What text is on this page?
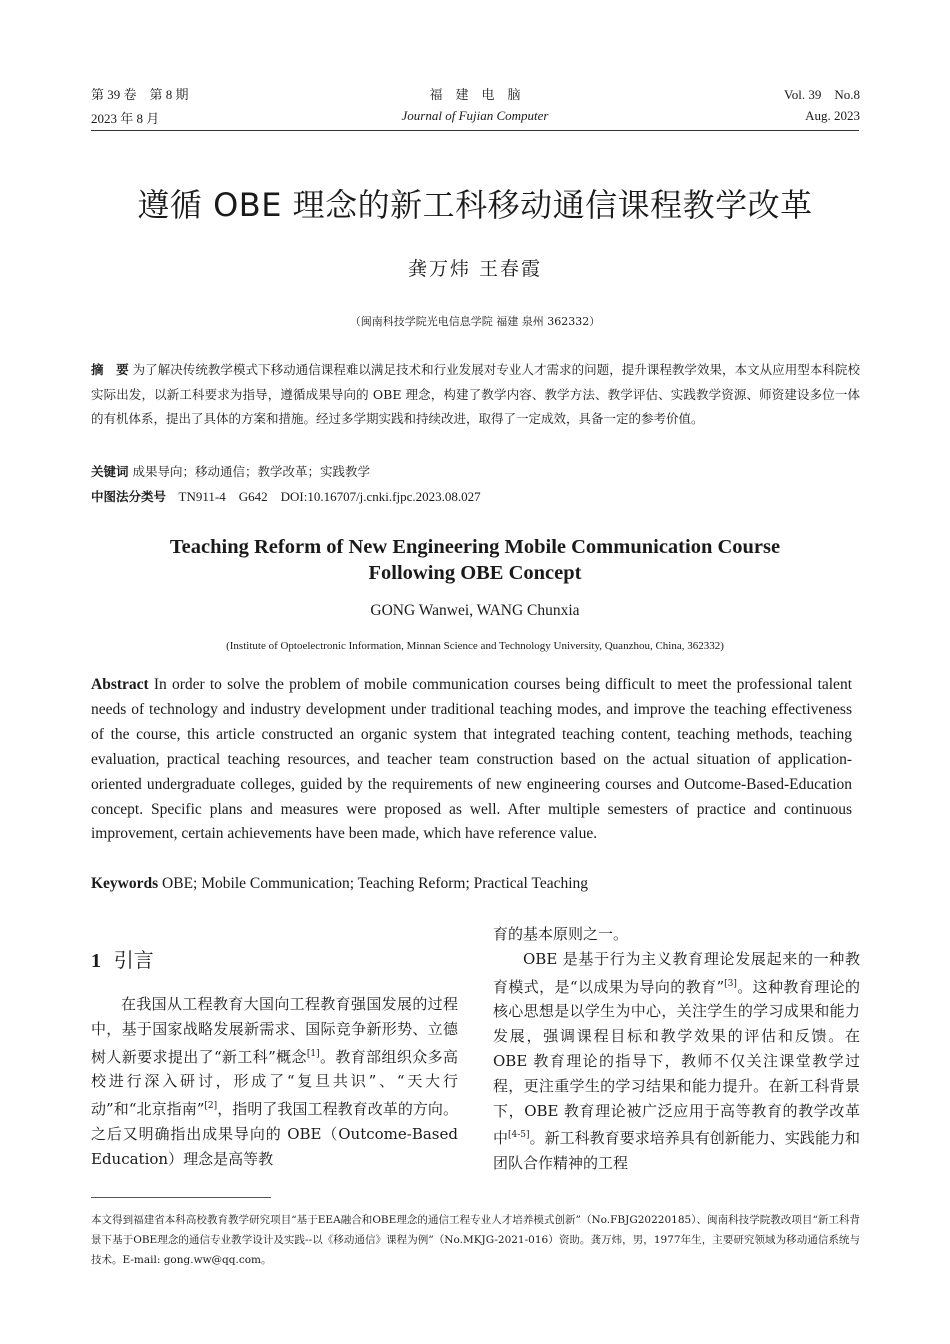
第 39 卷　第 8 期
2023 年 8 月
福　建　电　脑
Journal of Fujian Computer
Vol. 39　No.8
Aug. 2023
遵循 OBE 理念的新工科移动通信课程教学改革
龚万炜 王春霞
（闽南科技学院光电信息学院 福建 泉州 362332）
摘　要 为了解决传统教学模式下移动通信课程难以满足技术和行业发展对专业人才需求的问题，提升课程教学效果，本文从应用型本科院校实际出发，以新工科要求为指导，遵循成果导向的 OBE 理念，构建了教学内容、教学方法、教学评估、实践教学资源、师资建设多位一体的有机体系，提出了具体的方案和措施。经过多学期实践和持续改进，取得了一定成效，具备一定的参考价值。
关键词 成果导向；移动通信；教学改革；实践教学
中图法分类号　 TN911-4　G642　DOI:10.16707/j.cnki.fjpc.2023.08.027
Teaching Reform of New Engineering Mobile Communication Course
Following OBE Concept
GONG Wanwei, WANG Chunxia
(Institute of Optoelectronic Information, Minnan Science and Technology University, Quanzhou, China, 362332)
Abstract In order to solve the problem of mobile communication courses being difficult to meet the professional talent needs of technology and industry development under traditional teaching modes, and improve the teaching effectiveness of the course, this article constructed an organic system that integrated teaching content, teaching methods, teaching evaluation, practical teaching resources, and teacher team construction based on the actual situation of application-oriented undergraduate colleges, guided by the requirements of new engineering courses and Outcome-Based-Education concept. Specific plans and measures were proposed as well. After multiple semesters of practice and continuous improvement, certain achievements have been made, which have reference value.
Keywords OBE; Mobile Communication; Teaching Reform; Practical Teaching
1 引言

在我国从工程教育大国向工程教育强国发展的过程中，基于国家战略发展新需求、国际竞争新形势、立德树人新要求提出了“新工科”概念[1]。教育部组织众多高校进行深入研讨，形成了“复旦共识”、“天大行动”和“北京指南”[2]，指明了我国工程教育改革的方向。之后又明确指出成果导向的 OBE（Outcome-Based Education）理念是高等教

育的基本原则之一。

OBE 是基于行为主义教育理论发展起来的一种教育模式，是“以成果为导向的教育”[3]。这种教育理论的核心思想是以学生为中心，关注学生的学习成果和能力发展，强调课程目标和教学效果的评估和反馈。在 OBE 教育理论的指导下，教师不仅关注课堂教学过程，更注重学生的学习结果和能力提升。在新工科背景下，OBE 教育理论被广泛应用于高等教育的教学改革中[4-5]。新工科教育要求培养具有创新能力、实践能力和团队合作精神的工程

本文得到福建省本科高校教育教学研究项目“基于EEA融合和OBE理念的通信工程专业人才培养模式创新”（No.FBJG20220185）、闽南科技学院教改项目“新工科背景下基于OBE理念的通信专业教学设计及实践--以《移动通信》课程为例”（No.MKJG-2021-016）资助。龚万炜，男，1977年生，主要研究领域为移动通信系统与技术。E-mail: gong.ww@qq.com。
